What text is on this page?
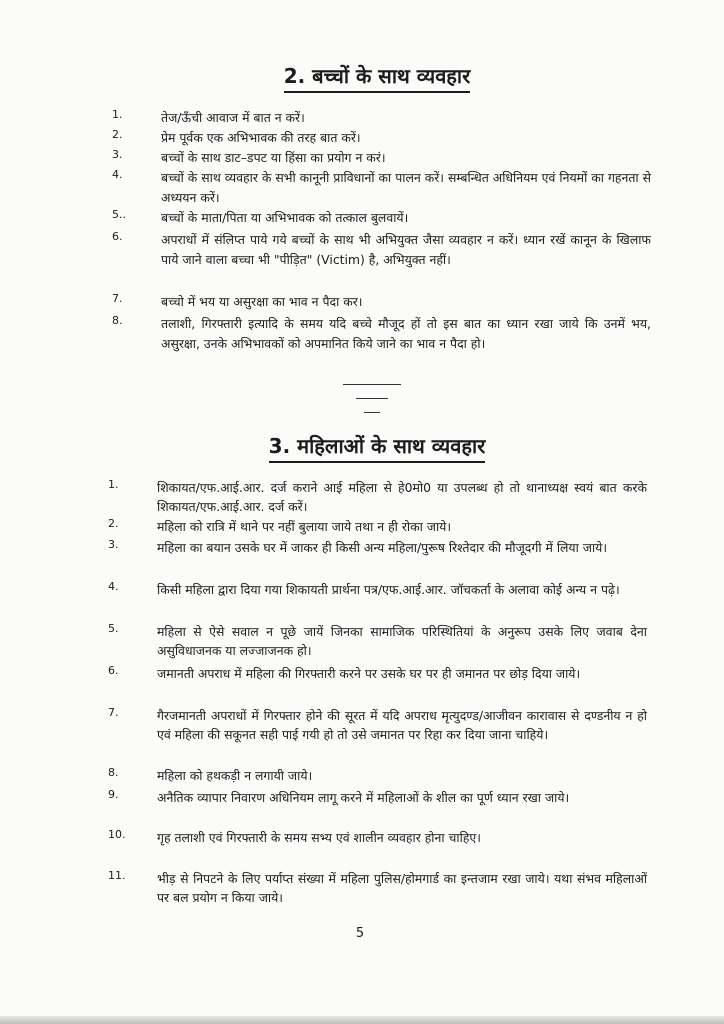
2. बच्चों के साथ व्यवहार
1.	तेज/ऊँची आवाज में बात न करें।
2.	प्रेम पूर्वक एक अभिभावक की तरह बात करें।
3.	बच्चों के साथ डाट–डपट या हिंसा का प्रयोग न करं।
4.	बच्चों के साथ व्यवहार के सभी कानूनी प्राविधानों का पालन करें। सम्बन्धित अधिनियम एवं नियमों का गहनता से अध्ययन करें।
5..	बच्चों के माता/पिता या अभिभावक को तत्काल बुलवायें।
6.	अपराधों में संलिप्त पाये गये बच्चों के साथ भी अभियुक्त जैसा व्यवहार न करें। ध्यान रखें कानून के खिलाफ पाये जाने वाला बच्चा भी "पीड़ित" (Victim) है, अभियुक्त नहीं।
7.	बच्चो में भय या असुरक्षा का भाव न पैदा कर।
8.	तलाशी, गिरफ्तारी इत्यादि के समय यदि बच्चे मौजूद हों तो इस बात का ध्यान रखा जाये कि उनमें भय, असुरक्षा, उनके अभिभावकों को अपमानित किये जाने का भाव न पैदा हो।
3. महिलाओं के साथ व्यवहार
1.	शिकायत/एफ.आई.आर. दर्ज कराने आई महिला से हे0मो0 या उपलब्ध हो तो थानाध्यक्ष स्वयं बात करके शिकायत/एफ.आई.आर. दर्ज करें।
2.	महिला को रात्रि में थाने पर नहीं बुलाया जाये तथा न ही रोका जाये।
3.	महिला का बयान उसके घर में जाकर ही किसी अन्य महिला/पुरूष रिश्तेदार की मौजूदगी में लिया जाये।
4.	किसी महिला द्वारा दिया गया शिकायती प्रार्थना पत्र/एफ.आई.आर. जॉचकर्ता के अलावा कोई अन्य न पढ़े।
5.	महिला से ऐसे सवाल न पूछे जायें जिनका सामाजिक परिस्थितियां के अनुरूप उसके लिए जवाब देना असुविधाजनक या लज्जाजनक हो।
6.	जमानती अपराध में महिला की गिरफ्तारी करने पर उसके घर पर ही जमानत पर छोड़ दिया जाये।
7.	गैरजमानती अपराधों में गिरफ्तार होने की सूरत में यदि अपराध मृत्युदण्ड/आजीवन कारावास से दण्डनीय न हो एवं महिला की सकूनत सही पाई गयी हो तो उसे जमानत पर रिहा कर दिया जाना चाहिये।
8.	महिला को हथकड़ी न लगायी जाये।
9.	अनैतिक व्यापार निवारण अधिनियम लागू करने में महिलाओं के शील का पूर्ण ध्यान रखा जाये।
10.	गृह तलाशी एवं गिरफ्तारी के समय सभ्य एवं शालीन व्यवहार होना चाहिए।
11.	भीड़ से निपटने के लिए पर्याप्त संख्या में महिला पुलिस/होमगार्ड का इन्तजाम रखा जाये। यथा संभव महिलाओं पर बल प्रयोग न किया जाये।
5
